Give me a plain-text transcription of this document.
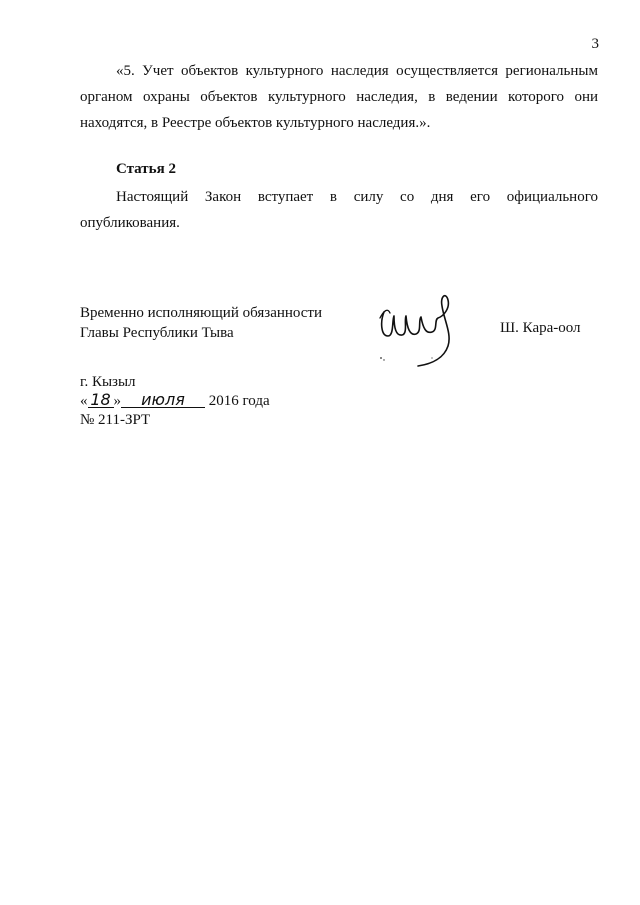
3

«5. Учет объектов культурного наследия осуществляется региональным органом охраны объектов культурного наследия, в ведении которого они находятся, в Реестре объектов культурного наследия.».

Статья 2

Настоящий Закон вступает в силу со дня его официального опубликования.

Временно исполняющий обязанности
Главы Республики Тыва	Ш. Кара-оол
г. Кызыл
« 18 » июля 2016 года
№ 211-ЗРТ
